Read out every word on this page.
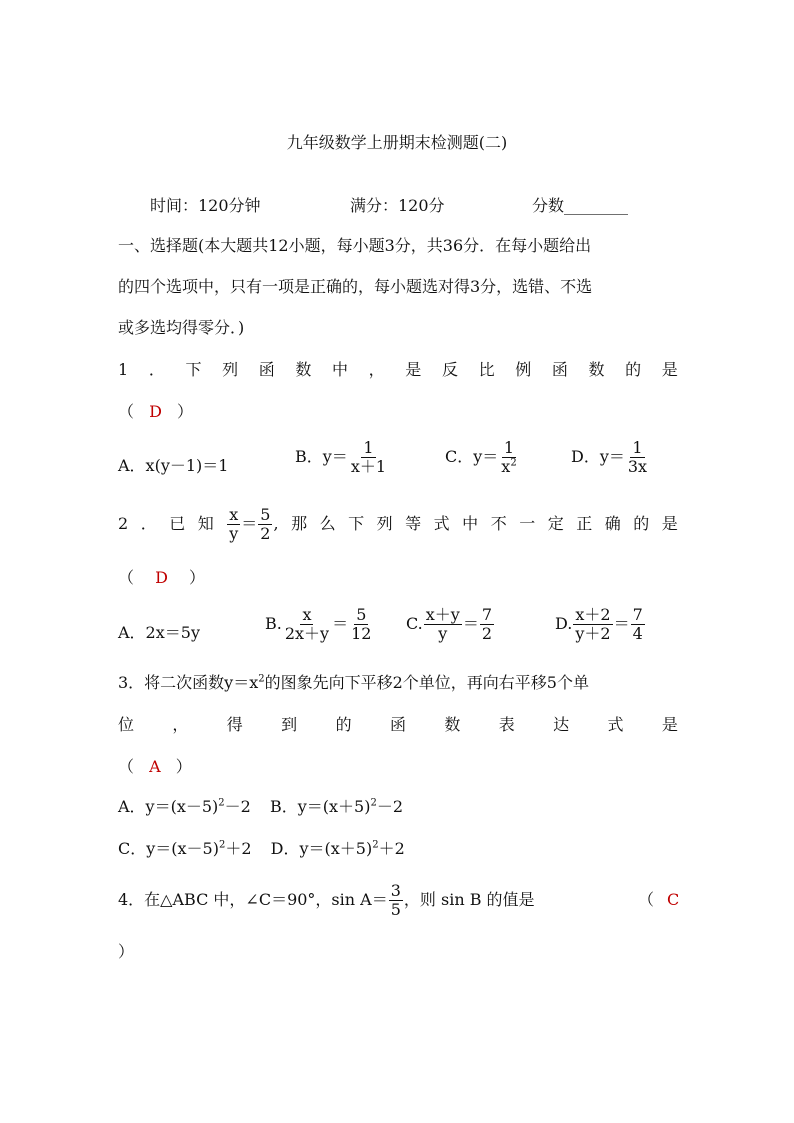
九年级数学上册期末检测题(二)
时间：120分钟	满分：120分	分数________
一、选择题(本大题共12小题，每小题3分，共36分．在每小题给出
的四个选项中，只有一项是正确的，每小题选对得3分，选错、不选
或多选均得零分．)
1 ． 下 列 函 数 中 ， 是 反 比 例 函 数 的 是
（ D ）
A．x(y－1)＝1	B．$y= \frac{1}{x+1}$	C．$y= \frac{1}{x^2}$	D．$y= \frac{1}{3x}$
2 ． 已 知 $\frac{x}{y} = \frac{5}{2}$ , 那 么 下 列 等 式 中 不 一 定 正 确 的 是
（ D ）
A．2x＝5y	B. $\frac{x}{2x+y} = \frac{5}{12} C$. $\frac{x+y}{y} = \frac{7}{2}$	D. $\frac{x+2}{y+2} = \frac{7}{4}$
3．将二次函数$y=x^2$的图象先向下平移2个单位，再向右平移5个单
位 ， 得 到 的 函 数 表 达 式 是
（ A ）
A．$y=(x-5)^2-2$ B．$y=(x+5)^2-2$
C．$y=(x-5)^2+2$ D．$y=(x+5)^2+2$
4．在△ABC 中，∠C＝90°，$\sin A= \frac{3}{5}$ ，则 sin B 的值是	（ C
）
